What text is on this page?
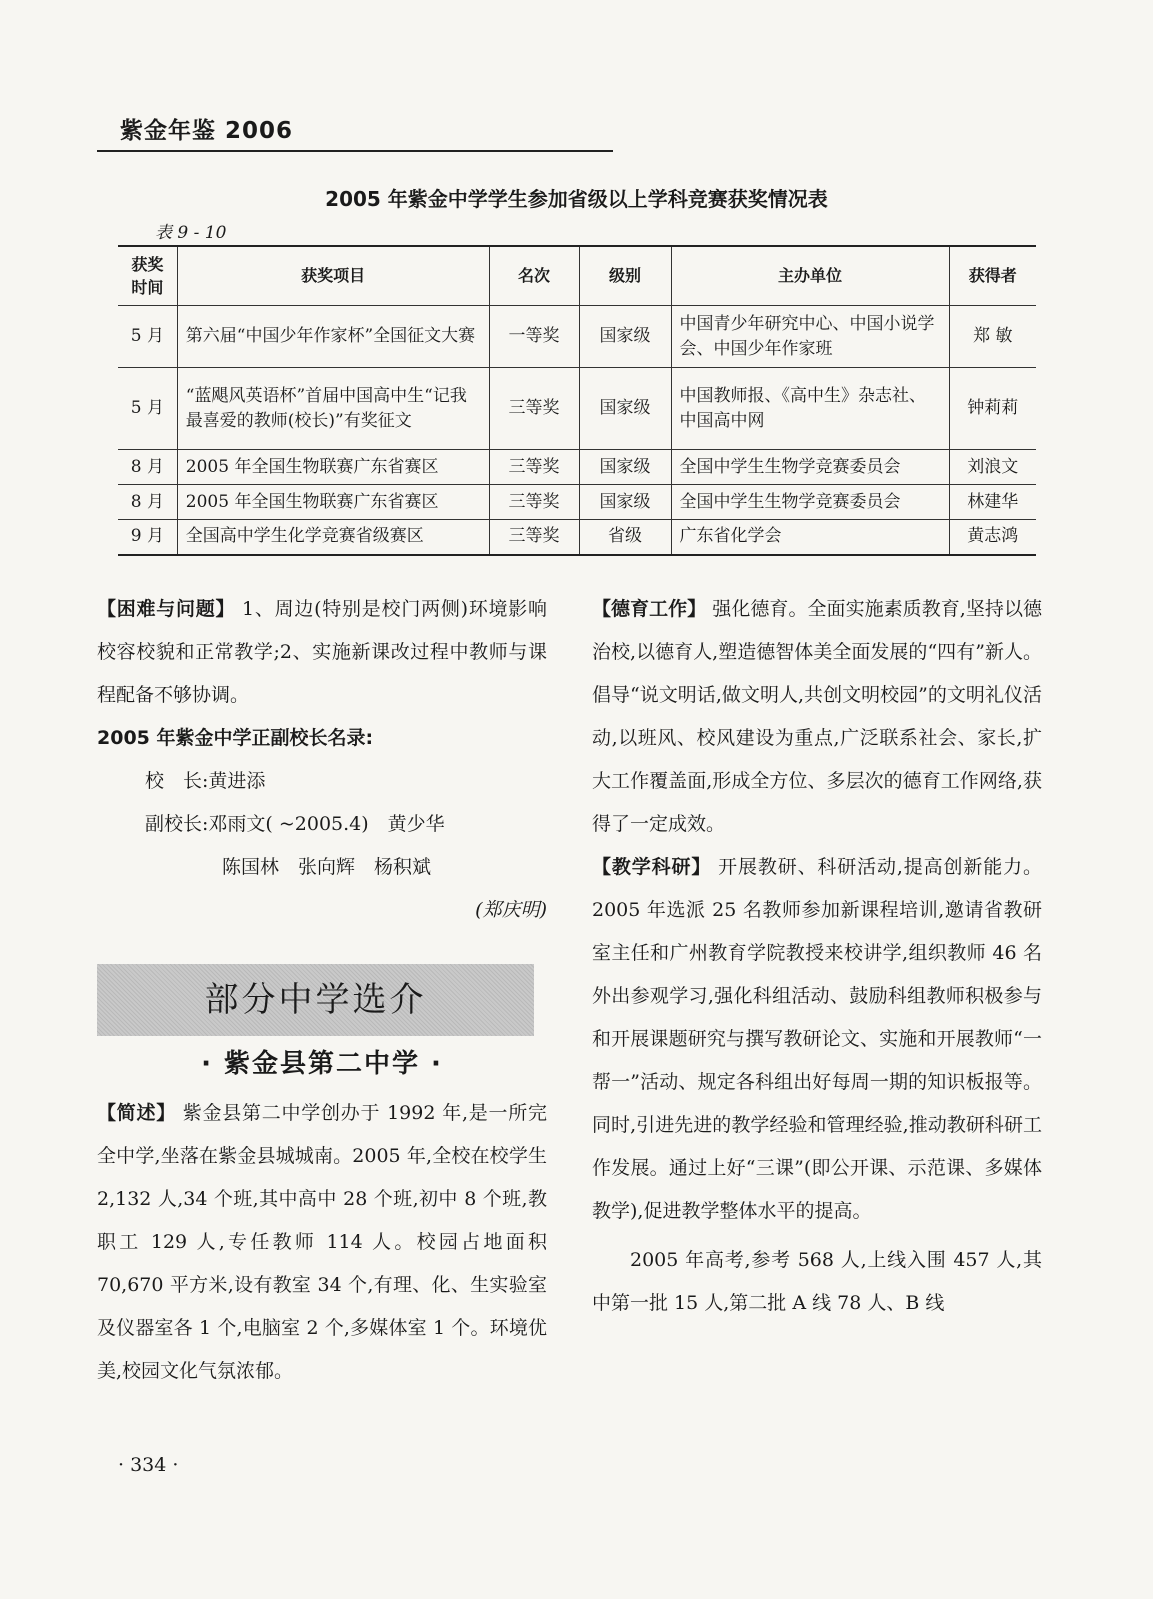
紫金年鉴 2006
2005 年紫金中学学生参加省级以上学科竞赛获奖情况表
表 9 - 10
获奖时间	获奖项目	名次	级别	主办单位	获得者
5 月	第六届“中国少年作家杯”全国征文大赛	一等奖	国家级	中国青少年研究中心、中国小说学会、中国少年作家班	郑 敏
5 月	“蓝飓风英语杯”首届中国高中生“记我最喜爱的教师(校长)”有奖征文	三等奖	国家级	中国教师报、《高中生》杂志社、中国高中网	钟莉莉
8 月	2005 年全国生物联赛广东省赛区	三等奖	国家级	全国中学生生物学竞赛委员会	刘浪文
8 月	2005 年全国生物联赛广东省赛区	三等奖	国家级	全国中学生生物学竞赛委员会	林建华
9 月	全国高中学生化学竞赛省级赛区	三等奖	省级	广东省化学会	黄志鸿

【困难与问题】 1、周边(特别是校门两侧)环境影响校容校貌和正常教学;2、实施新课改过程中教师与课程配备不够协调。

2005 年紫金中学正副校长名录:

校　长:黄进添

副校长:邓雨文( ~2005.4)　黄少华

陈国林　张向辉　杨积斌

(郑庆明)

部分中学选介

· 紫金县第二中学 ·

【简述】 紫金县第二中学创办于 1992 年,是一所完全中学,坐落在紫金县城城南。2005 年,全校在校学生 2,132 人,34 个班,其中高中 28 个班,初中 8 个班,教职工 129 人,专任教师 114 人。校园占地面积 70,670 平方米,设有教室 34 个,有理、化、生实验室及仪器室各 1 个,电脑室 2 个,多媒体室 1 个。环境优美,校园文化气氛浓郁。

【德育工作】 强化德育。全面实施素质教育,坚持以德治校,以德育人,塑造德智体美全面发展的“四有”新人。倡导“说文明话,做文明人,共创文明校园”的文明礼仪活动,以班风、校风建设为重点,广泛联系社会、家长,扩大工作覆盖面,形成全方位、多层次的德育工作网络,获得了一定成效。

【教学科研】 开展教研、科研活动,提高创新能力。2005 年选派 25 名教师参加新课程培训,邀请省教研室主任和广州教育学院教授来校讲学,组织教师 46 名外出参观学习,强化科组活动、鼓励科组教师积极参与和开展课题研究与撰写教研论文、实施和开展教师“一帮一”活动、规定各科组出好每周一期的知识板报等。同时,引进先进的教学经验和管理经验,推动教研科研工作发展。通过上好“三课”(即公开课、示范课、多媒体教学),促进教学整体水平的提高。

2005 年高考,参考 568 人,上线入围 457 人,其中第一批 15 人,第二批 A 线 78 人、B 线

· 334 ·
